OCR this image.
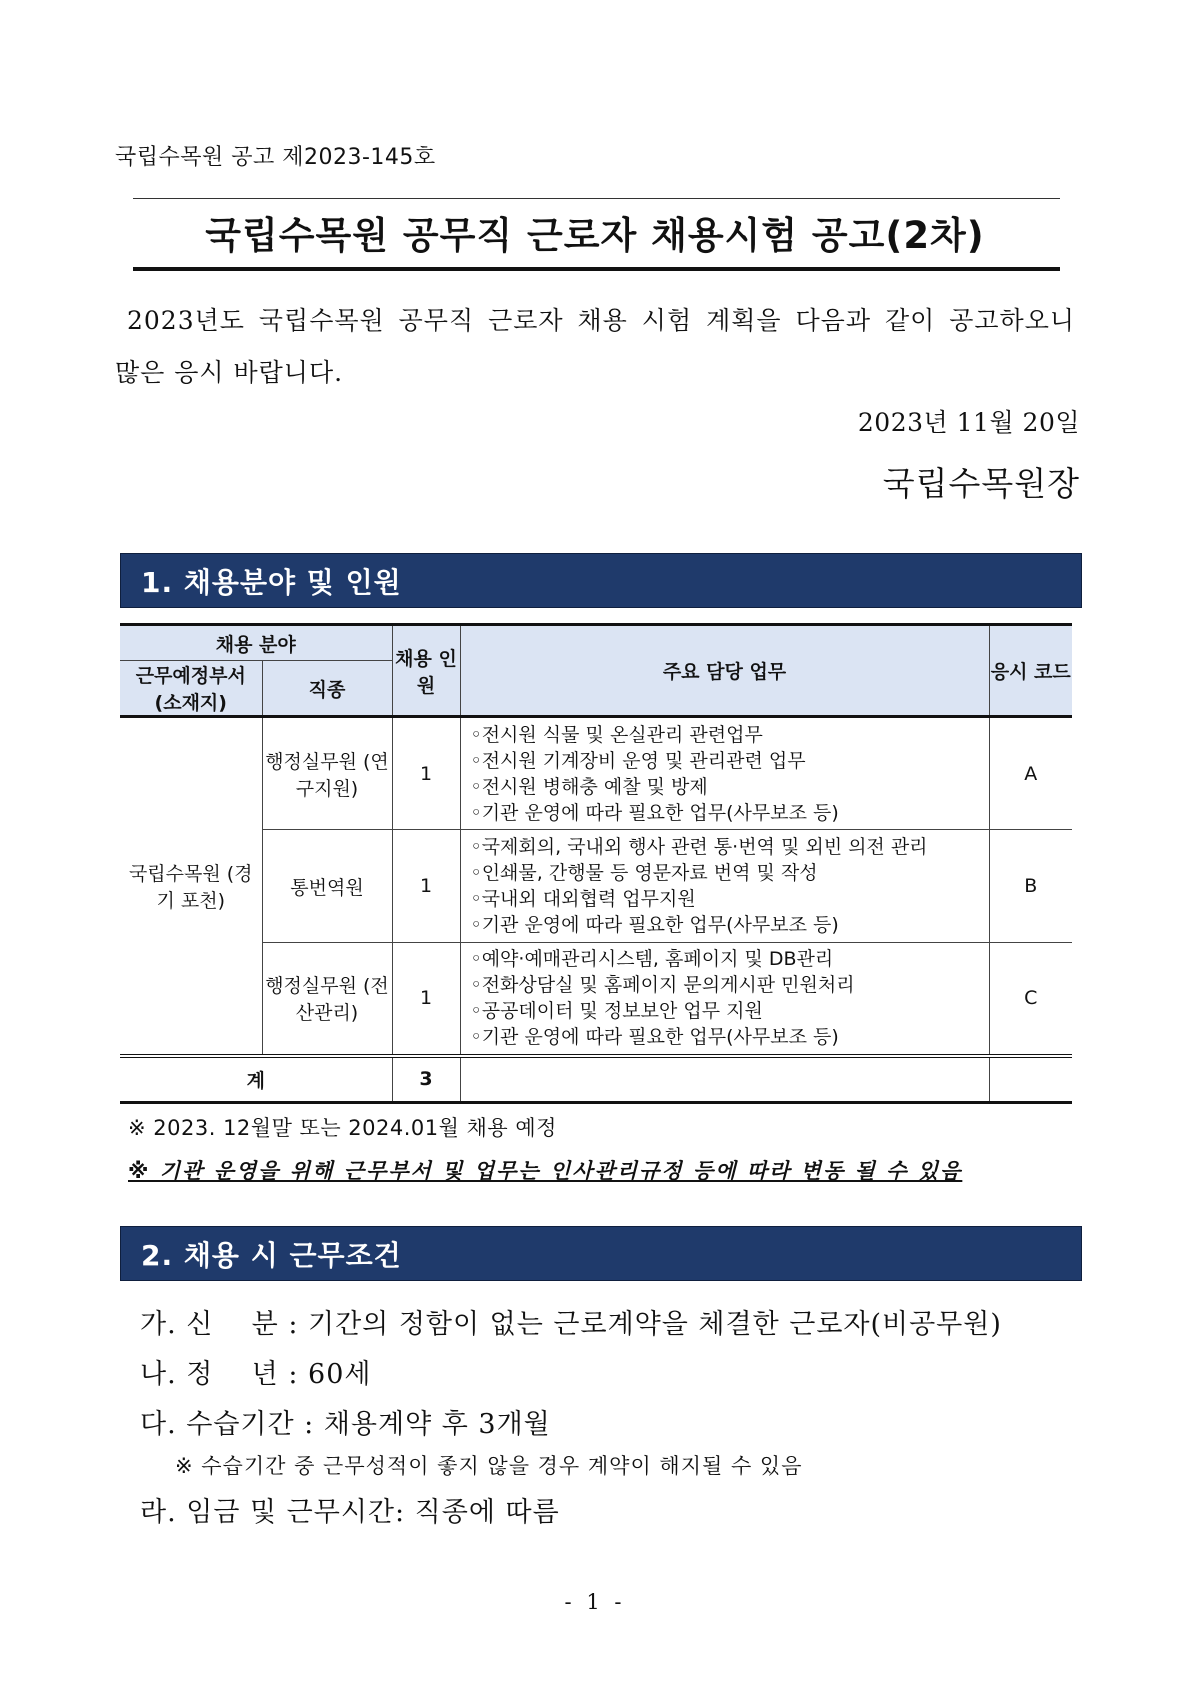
국립수목원 공고 제2023-145호
국립수목원 공무직 근로자 채용시험 공고(2차)
2023년도 국립수목원 공무직 근로자 채용 시험 계획을 다음과 같이 공고하오니
많은 응시 바랍니다.
2023년 11월 20일
국립수목원장
1. 채용분야 및 인원
채용 분야		채용 인원	주요 담당 업무	응시 코드
근무예정부서 (소재지)	직종			
국립수목원 (경기 포천)	행정실무원 (연구지원)	1	◦전시원 식물 및 온실관리 관련업무
◦전시원 기계장비 운영 및 관리관련 업무
◦전시원 병해충 예찰 및 방제
◦기관 운영에 따라 필요한 업무(사무보조 등)	A
	통번역원	1	◦국제회의, 국내외 행사 관련 통·번역 및 외빈 의전 관리
◦인쇄물, 간행물 등 영문자료 번역 및 작성
◦국내외 대외협력 업무지원
◦기관 운영에 따라 필요한 업무(사무보조 등)	B
	행정실무원 (전산관리)	1	◦예약·예매관리시스템, 홈페이지 및 DB관리
◦전화상담실 및 홈페이지 문의게시판 민원처리
◦공공데이터 및 정보보안 업무 지원
◦기관 운영에 따라 필요한 업무(사무보조 등)	C
계		3		
※ 2023. 12월말 또는 2024.01월 채용 예정
※ 기관 운영을 위해 근무부서 및 업무는 인사관리규정 등에 따라 변동 될 수 있음
2. 채용 시 근무조건
가. 신    분 : 기간의 정함이 없는 근로계약을 체결한 근로자(비공무원)
나. 정    년 : 60세
다. 수습기간 : 채용계약 후 3개월
※ 수습기간 중 근무성적이 좋지 않을 경우 계약이 해지될 수 있음
라. 임금 및 근무시간: 직종에 따름
- 1 -
